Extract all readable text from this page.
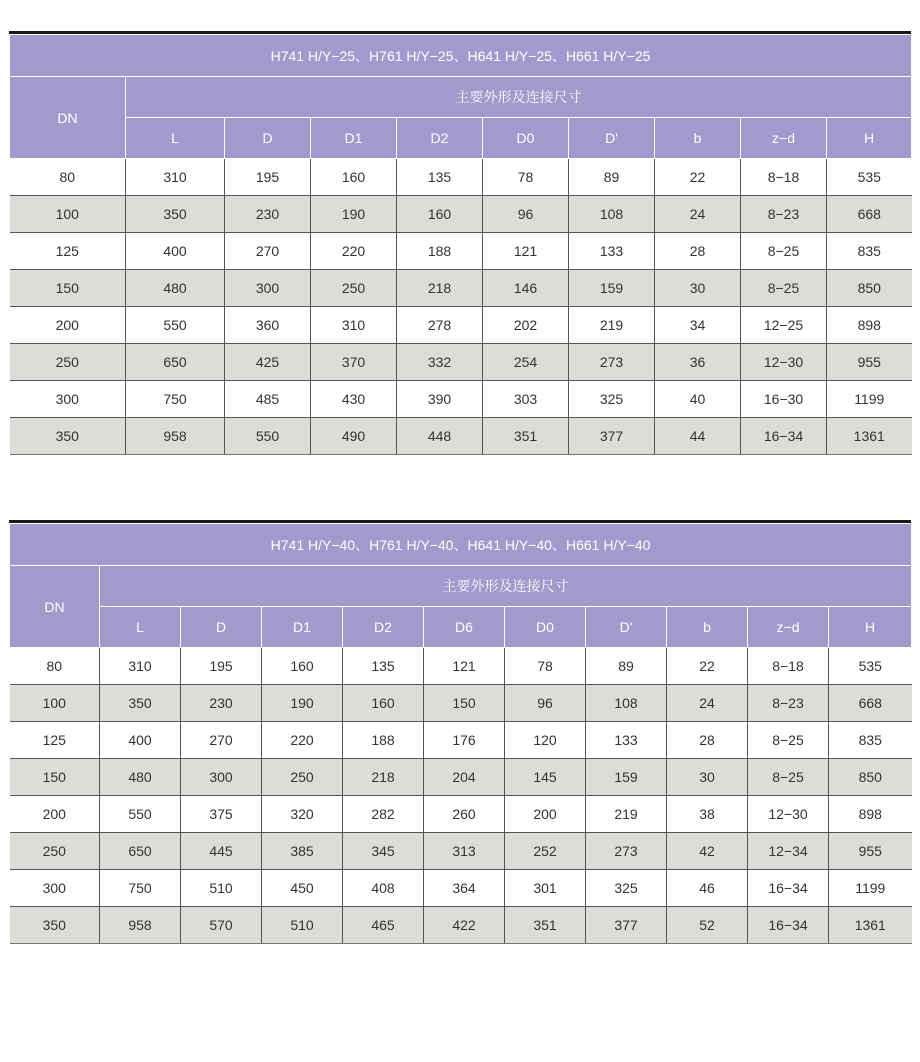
H741 H/Y−25、H761 H/Y−25、H641 H/Y−25、H661 H/Y−25									
DN	主要外形及连接尺寸								
	L	D	D1	D2	D0	D'	b	z−d	H
80	310	195	160	135	78	89	22	8−18	535
100	350	230	190	160	96	108	24	8−23	668
125	400	270	220	188	121	133	28	8−25	835
150	480	300	250	218	146	159	30	8−25	850
200	550	360	310	278	202	219	34	12−25	898
250	650	425	370	332	254	273	36	12−30	955
300	750	485	430	390	303	325	40	16−30	1199
350	958	550	490	448	351	377	44	16−34	1361
H741 H/Y−40、H761 H/Y−40、H641 H/Y−40、H661 H/Y−40										
DN	主要外形及连接尺寸									
	L	D	D1	D2	D6	D0	D'	b	z−d	H
80	310	195	160	135	121	78	89	22	8−18	535
100	350	230	190	160	150	96	108	24	8−23	668
125	400	270	220	188	176	120	133	28	8−25	835
150	480	300	250	218	204	145	159	30	8−25	850
200	550	375	320	282	260	200	219	38	12−30	898
250	650	445	385	345	313	252	273	42	12−34	955
300	750	510	450	408	364	301	325	46	16−34	1199
350	958	570	510	465	422	351	377	52	16−34	1361
